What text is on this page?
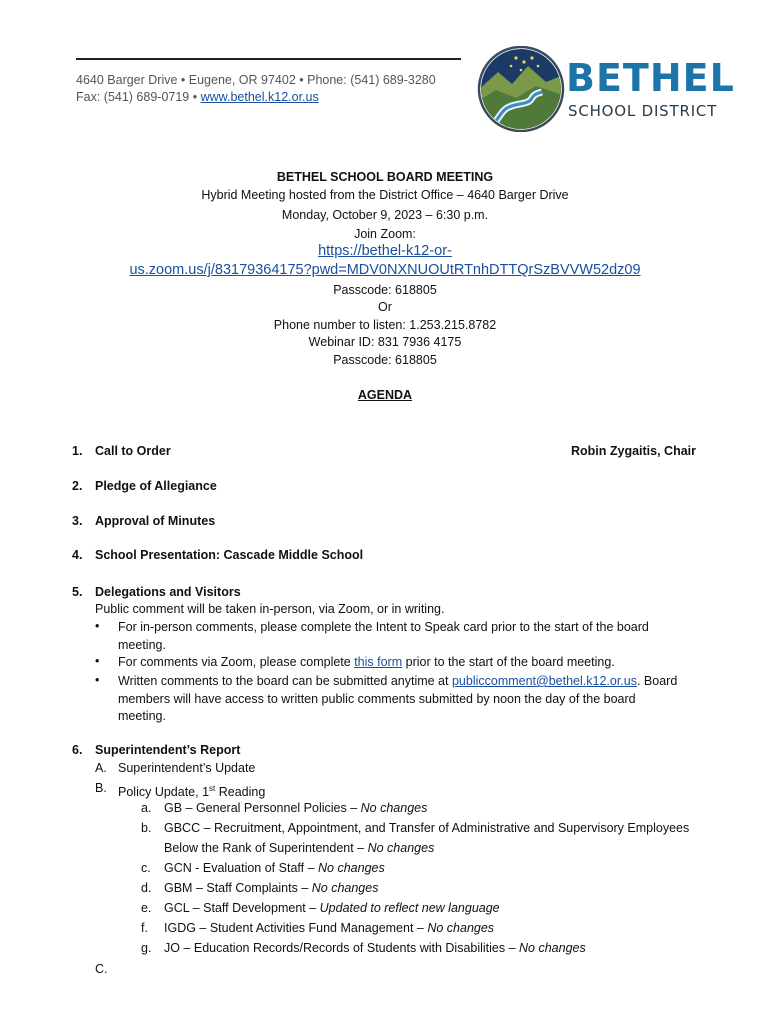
4640 Barger Drive • Eugene, OR 97402 • Phone: (541) 689-3280
Fax: (541) 689-0719 • www.bethel.k12.or.us	BETHEL
SCHOOL DISTRICT
BETHEL SCHOOL BOARD MEETING
Hybrid Meeting hosted from the District Office – 4640 Barger Drive
Monday, October 9, 2023 – 6:30 p.m.
Join Zoom:
https://bethel-k12-or-
us.zoom.us/j/83179364175?pwd=MDV0NXNUOUtRTnhDTTQrSzBVVW52dz09
Passcode: 618805
Or
Phone number to listen: 1.253.215.8782
Webinar ID: 831 7936 4175
Passcode: 618805
AGENDA
1. Call to Order	Robin Zygaitis, Chair
2. Pledge of Allegiance
3. Approval of Minutes
4. School Presentation: Cascade Middle School
5. Delegations and Visitors
Public comment will be taken in-person, via Zoom, or in writing.
• For in-person comments, please complete the Intent to Speak card prior to the start of the board
meeting.
• For comments via Zoom, please complete this form prior to the start of the board meeting.
• Written comments to the board can be submitted anytime at publiccomment@bethel.k12.or.us. Board
members will have access to written public comments submitted by noon the day of the board
meeting.
6. Superintendent’s Report
A. Superintendent’s Update
B. Policy Update, 1st Reading
a. GB – General Personnel Policies – No changes
b. GBCC – Recruitment, Appointment, and Transfer of Administrative and Supervisory Employees
Below the Rank of Superintendent – No changes
c. GCN - Evaluation of Staff – No changes
d. GBM – Staff Complaints – No changes
e. GCL – Staff Development – Updated to reflect new language
f. IGDG – Student Activities Fund Management – No changes
g. JO – Education Records/Records of Students with Disabilities – No changes
C.
